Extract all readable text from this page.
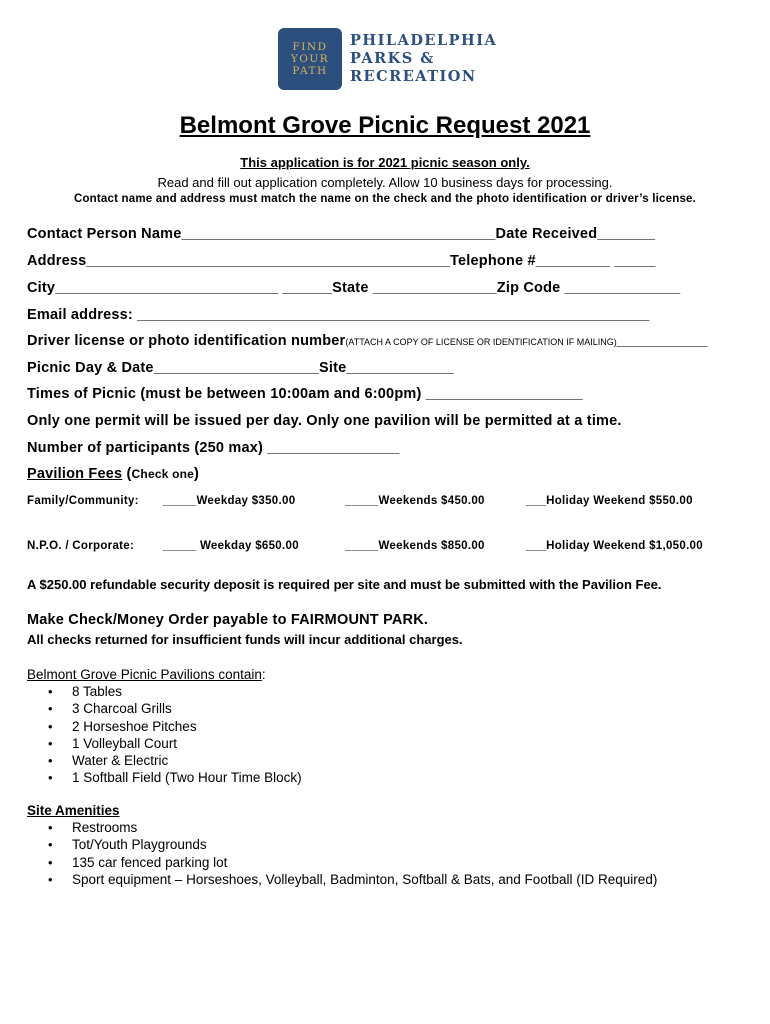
FIND
YOUR
PATH
PHILADELPHIA
PARKS &
RECREATION
Belmont Grove Picnic Request 2021
This application is for 2021 picnic season only.
Read and fill out application completely. Allow 10 business days for processing.
Contact name and address must match the name on the check and the photo identification or driver’s license.
Contact Person Name______________________________________Date Received_______
Address____________________________________________Telephone #_________ _____
City___________________________ ______State _______________Zip Code ______________
Email address: ______________________________________________________________
Driver license or photo identification number(ATTACH A COPY OF LICENSE OR IDENTIFICATION IF MAILING)___________
Picnic Day & Date____________________Site_____________
Times of Picnic (must be between 10:00am and 6:00pm) ___________________
Only one permit will be issued per day. Only one pavilion will be permitted at a time.
Number of participants (250 max) ________________
Pavilion Fees (Check one)
Family/Community: _____Weekday $350.00	_____Weekends $450.00	___Holiday Weekend $550.00
N.P.O. / Corporate:	_____ Weekday $650.00	_____Weekends $850.00	___Holiday Weekend $1,050.00
A $250.00 refundable security deposit is required per site and must be submitted with the Pavilion Fee.
Make Check/Money Order payable to FAIRMOUNT PARK.
All checks returned for insufficient funds will incur additional charges.
Belmont Grove Picnic Pavilions contain:
• 8 Tables
• 3 Charcoal Grills
• 2 Horseshoe Pitches
• 1 Volleyball Court
• Water & Electric
• 1 Softball Field (Two Hour Time Block)
Site Amenities
• Restrooms
• Tot/Youth Playgrounds
• 135 car fenced parking lot
• Sport equipment – Horseshoes, Volleyball, Badminton, Softball & Bats, and Football (ID Required)
